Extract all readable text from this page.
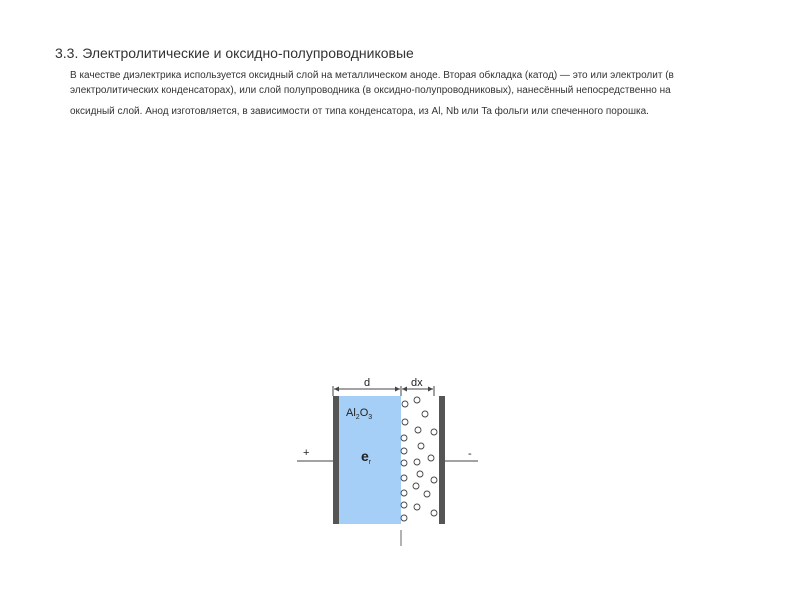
3.3. Электролитические и оксидно-полупроводниковые
В качестве диэлектрика используется оксидный слой на металлическом аноде. Вторая обкладка (катод) — это или электролит (в
электролитических конденсаторах), или слой полупроводника (в оксидно-полупроводниковых), нанесённый непосредственно на
оксидный слой. Анод изготовляется, в зависимости от типа конденсатора, из Al, Nb или Ta фольги или спеченного порошка.
d	dx
$Al_2O_3$
$e_r$
+	-
